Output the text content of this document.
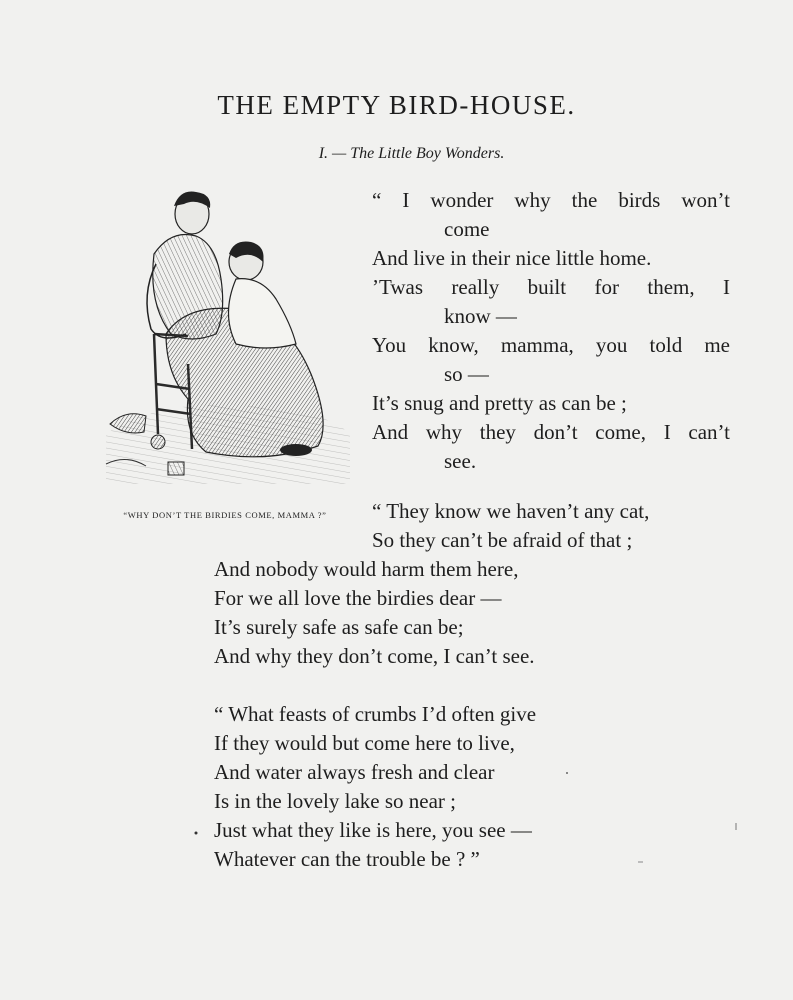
THE EMPTY BIRD-HOUSE.
I. — The Little Boy Wonders.
“WHY DON’T THE BIRDIES COME, MAMMA ?”
“ I wonder why the birds won’t
come
And live in their nice little home.
’Twas really built for them, I
know —
You know, mamma, you told me
so —
It’s snug and pretty as can be ;
And why they don’t come, I can’t
see.
“ They know we haven’t any cat,
So they can’t be afraid of that ;
And nobody would harm them here,
For we all love the birdies dear —
It’s surely safe as safe can be;
And why they don’t come, I can’t see.
“ What feasts of crumbs I’d often give
If they would but come here to live,
And water always fresh and clear
Is in the lovely lake so near ;
Just what they like is here, you see —
Whatever can the trouble be ? ”
